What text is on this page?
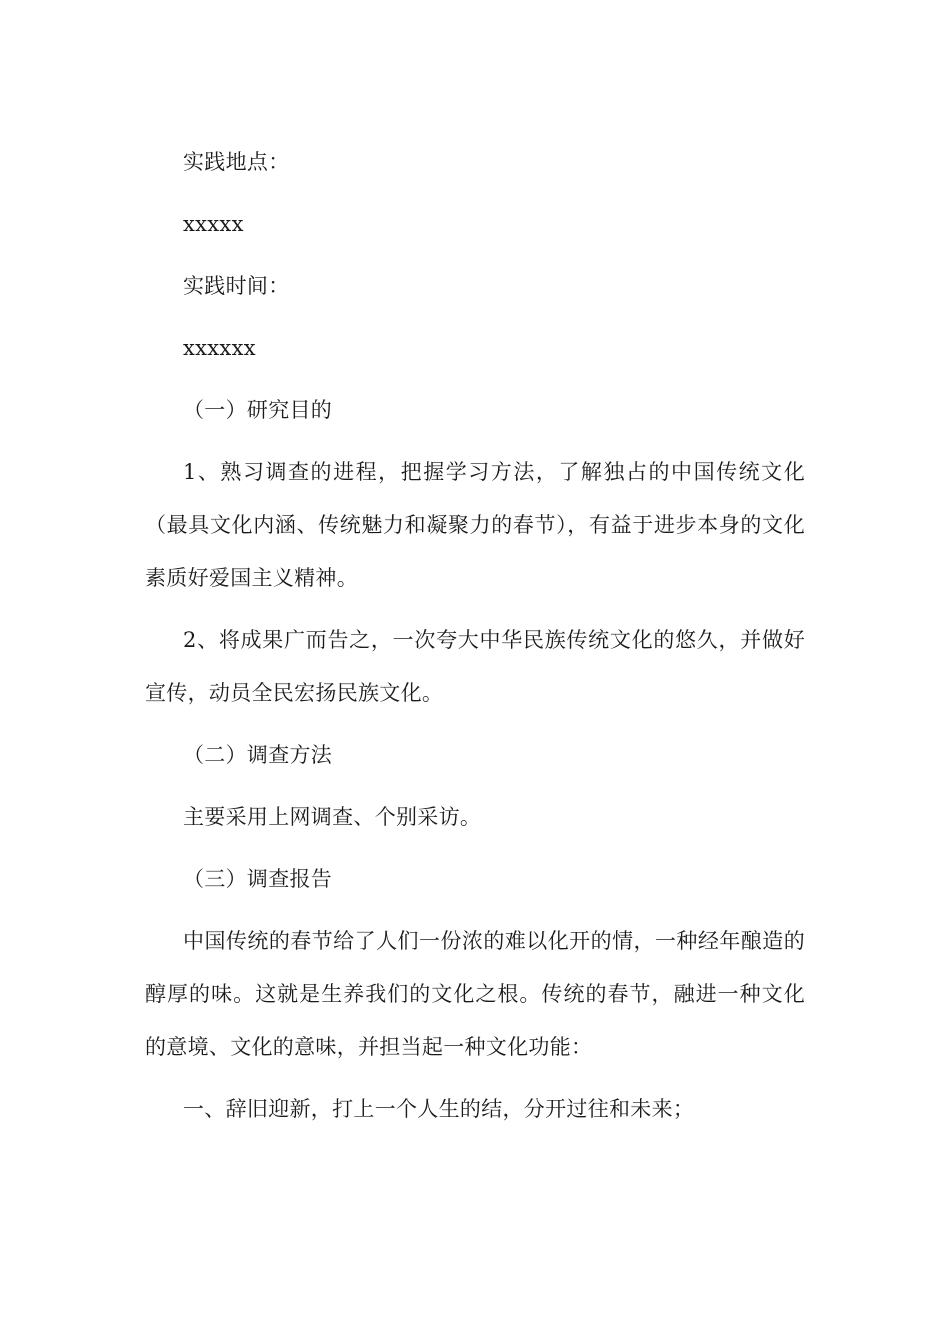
实践地点：

xxxxx

实践时间：

xxxxxx

（一）研究目的

1、熟习调查的进程，把握学习方法，了解独占的中国传统文化（最具文化内涵、传统魅力和凝聚力的春节），有益于进步本身的文化素质好爱国主义精神。

2、将成果广而告之，一次夸大中华民族传统文化的悠久，并做好宣传，动员全民宏扬民族文化。

（二）调查方法

主要采用上网调查、个别采访。

（三）调查报告

中国传统的春节给了人们一份浓的难以化开的情，一种经年酿造的醇厚的味。这就是生养我们的文化之根。传统的春节，融进一种文化的意境、文化的意味，并担当起一种文化功能：

一、辞旧迎新，打上一个人生的结，分开过往和未来；
